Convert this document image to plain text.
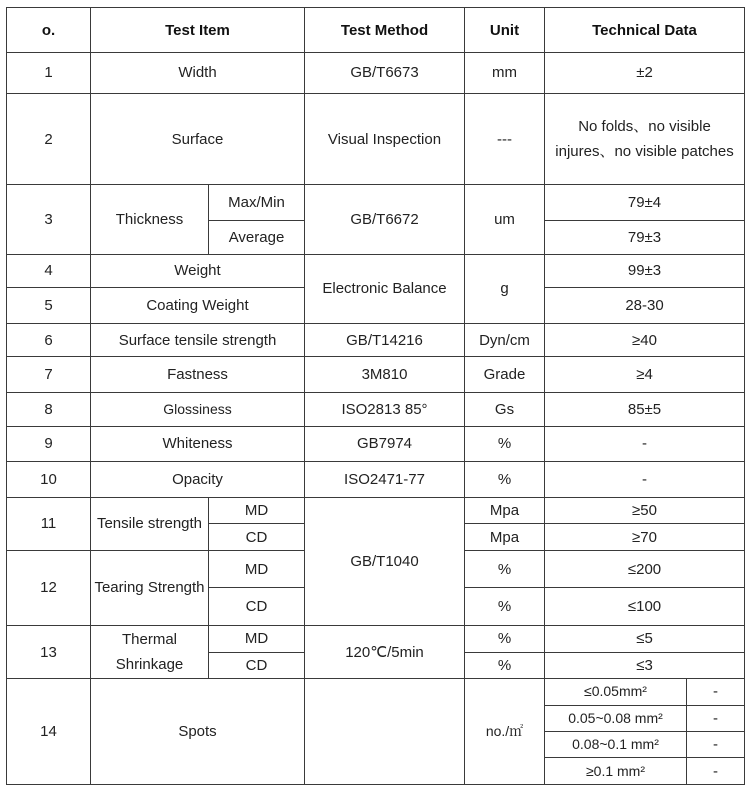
o.	Test Item		Test Method	Unit	Technical Data	
1	Width		GB/T6673	mm	±2	
2	Surface		Visual Inspection	---	No folds、no visible injures、no visible patches	
3	Thickness	Max/Min	GB/T6672	um	79±4	
		Average			79±3	
4	Weight		Electronic Balance	g	99±3	
5	Coating Weight				28-30	
6	Surface tensile strength		GB/T14216	Dyn/cm	≥40	
7	Fastness		3M810	Grade	≥4	
8	Glossiness		ISO2813 85°	Gs	85±5	
9	Whiteness		GB7974	%	-	
10	Opacity		ISO2471-77	%	-	
11	Tensile strength	MD	GB/T1040	Mpa	≥50	
		CD		Mpa	≥70	
12	Tearing Strength	MD		%	≤200	
		CD		%	≤100	
13	Thermal Shrinkage	MD	120℃/5min	%	≤5	
		CD		%	≤3	
14	Spots			no./㎡	≤0.05mm²	-
					0.05~0.08 mm²	-
					0.08~0.1 mm²	-
					≥0.1 mm²	-
